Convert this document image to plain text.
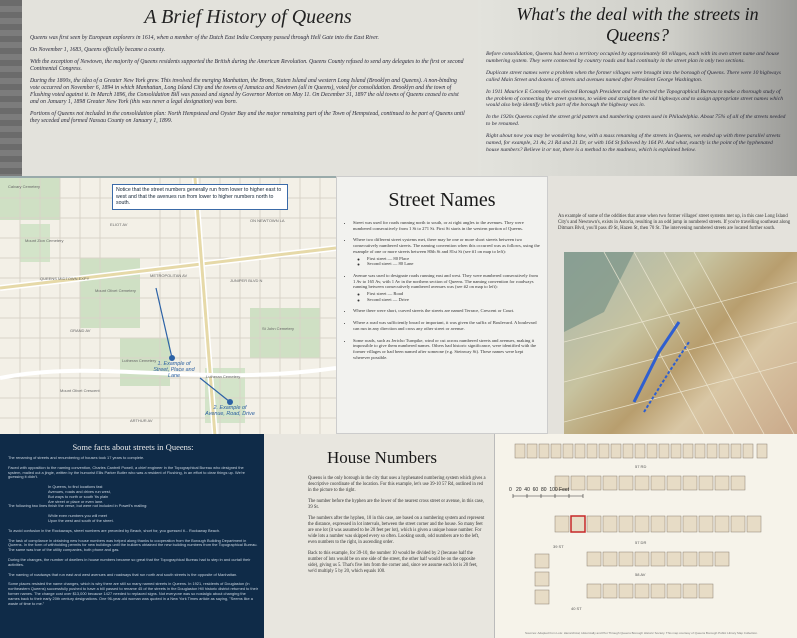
A Brief History of Queens

Queens was first seen by European explorers in 1614, when a member of the Dutch East India Company passed through Hell Gate into the East River.

On November 1, 1683, Queens officially became a county.

With the exception of Newtown, the majority of Queens residents supported the British during the American Revolution. Queens County refused to send any delegates to the first or second Continental Congress.

During the 1800s, the idea of a Greater New York grew. This involved the merging Manhattan, the Bronx, Staten Island and western Long Island (Brooklyn and Queens). A non-binding vote occurred on November 6, 1894 in which Manhattan, Long Island City and the towns of Jamaica and Newtown (all in Queens), voted for consolidation. Brooklyn and the town of Flushing voted against it. In March 1896, the Consolidation Bill was passed and signed by Governor Morton on May 11. On December 31, 1897 the old towns of Queens ceased to exist and on January 1, 1898 Greater New York (this was never a legal designation) was born.

Portions of Queens not included in the consolidation plan: North Hempstead and Oyster Bay and the major remaining part of the Town of Hempstead, continued to be part of Queens until they seceded and formed Nassau County on January 1, 1899.

What's the deal with the streets in Queens?

Before consolidation, Queens had been a territory occupied by approximately 60 villages, each with its own street name and house numbering system. They were connected by country roads and had continuity in the street plan in only two sections.

Duplicate street names were a problem when the former villages were brought into the borough of Queens. There were 10 highways called Main Street and dozens of streets and avenues named after President George Washington.

In 1911 Maurice E Connolly was elected Borough President and he directed the Topographical Bureau to make a thorough study of the problem of connecting the street systems, to widen and straighten the old highways and to assign appropriate street names which would also help identify which part of the borough the highway was in.

In the 1920s Queens copied the street grid pattern and numbering system used in Philadelphia. About 75% of all of the streets needed to be renamed.

Right about now you may be wondering how, with a mass renaming of the streets in Queens, we ended up with three parallel streets named, for example, 21 Av, 21 Rd and 21 Dr, or with 164 St followed by 164 Pl. And what, exactly is the point of the hyphenated house numbers? Believe it or not, there is a method to the madness, which is explained below.

Notice that the street numbers generally run from lower to higher east to west and that the avenues run from lower to higher numbers north to south.
1. Example of Street, Place and Lane
2. Example of Avenue, Road, Drive
Calvary Cemetery
Mount Zion Cemetery
Mount Olivet Cemetery
Lutheran Cemetery
St John Cemetery
Lutheran Cemetery
Mount Olivet Crescent
ELIOT AV
JUNIPER BLVD N
METROPOLITAN AV
QUEENS MIDTOWN EXPY
ON NEWTOWN LA
GRAND AV
ARTHUR AV
Street Names
• Street was used for roads running north to south, or at right angles to the avenues. They were numbered consecutively from 1 St to 271 St. First St starts in the western portion of Queens.
• Where two different street systems met, there may be one or more short streets between two consecutively numbered streets. The naming convention when this occurred was as follows, using the example of one or more streets between 80th St and 81st St (see #1 on map to left):
◦ First street — 80 Place
◦ Second street — 80 Lane
• Avenue was used to designate roads running east and west. They were numbered consecutively from 1 Av to 165 Av, with 1 Av in the northern section of Queens. The naming convention for roadways running between consecutively numbered avenues was (see #2 on map to left):
◦ First street — Road
◦ Second street — Drive
• Where there were short, curved streets the streets are named Terrace, Crescent or Court.
• Where a road was sufficiently broad or important, it was given the suffix of Boulevard. A boulevard can run in any direction and cross any other street or avenue.
• Some roads, such as Jericho Turnpike, wind or cut across numbered streets and avenues, making it impossible to give them numbered names. Others had historic significance, were identified with the former villages or had been named after someone (e.g. Steinway St). These names were kept wherever possible.
An example of some of the oddities that arose when two former villages' street systems met up, in this case Long Island City's and Newtown's, exists in Astoria, resulting in an odd jump in numbered streets. If you're travelling southeast along Ditmars Blvd, you'll pass 49 St, Hazen St, then 70 St. The intervening numbered streets are located further south.
Some facts about streets in Queens:

The renaming of streets and renumbering of houses took 17 years to complete.

Faced with opposition to the naming convention, Charles Cantrell Powell, a chief engineer in the Topographical Bureau who designed the system, mailed out a jingle, written by the humorist Ellis Parker Butler who was a resident of Flushing, in an effort to clear things up. We're guessing it didn't.

In Queens, to find locations fast
Avenues, roads and drives run west,
But ways to north or south 'tis plain
Are street or place or even lane.

The following two lines finish the verse, but were not included in Powell's mailing:

While even numbers you will meet
Upon the west and south of the street.

To avoid confusion in the Rockaways, street numbers are preceded by Beach, short for, you guessed it... Rockaway Beach.

The task of compliance in obtaining new house numbers was helped along thanks to cooperation from the Borough Building Department in Queens. In the form of withholding permits for new buildings until the builders obtained the new building numbers from the Topographical Bureau. The same was true of the utility companies, both phone and gas.

During the changes, the number of dwellers in house numbers became so great that the Topographical Bureau had to step in and curtail their activities.

The naming of roadways that run east and west avenues and roadways that run north and south streets is the opposite of Manhattan.

Some places resisted the name changes, which is why there are still so many named streets in Queens. In 1921, residents of Douglaston (in northeastern Queens) successfully pushed to have a bill passed to rename 45 of the streets in the Douglaston Hill historic district returned to their former names. The change cost over $13,000 because 1427 needed to replaced signs. Not everyone was so nostalgic about changing the names back to their early 20th century designations. One 96-year-old woman was quoted in a New York Times article as saying, "Seems like a waste of time to me."

House Numbers

Queens is the only borough in the city that uses a hyphenated numbering system which gives a descriptive coordinate of the location. For this example, let's use 39-10 57 Rd, outlined in red in the picture to the right.

The number before the hyphen are the lower of the nearest cross street or avenue, in this case, 39 St.

The numbers after the hyphen, 10 in this case, are based on a numbering system and represent the distance, expressed in lot intervals, between the street corner and the house. So many feet are one lot (it was assumed to be 20 feet per lot), which is given a unique house number. For wide lots a number was skipped every so often. Looking south, odd numbers are to the left, even numbers to the right, in ascending order.

Back to this example, for 39-10, the number 10 would be divided by 2 (because half the number of lots would be on one side of the street, the other half would be on the opposite side), giving us 5. That's five lots from the corner and, since we assume each lot is 20 feet, we'd multiply 5 by 20, which equals 100.

0 20 40 60 80 100 Feet
57 RD
57 DR
58 AV
39 ST
40 ST
Sources: Adapted from Lots: Hierarchical, Historically and Plot Through Queens Borough Historic Society. This map courtesy of Queens Borough Public Library Map Collection.
